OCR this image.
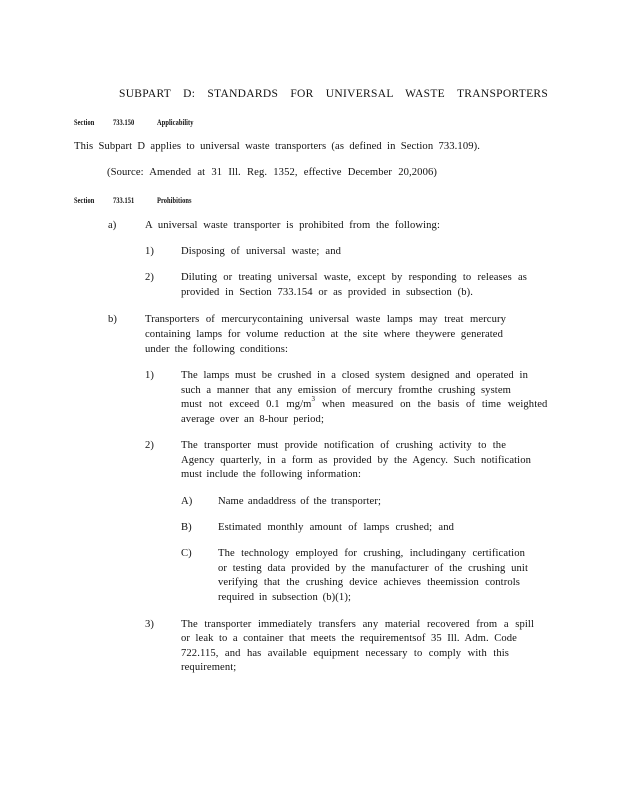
SUBPART D: STANDARDS FOR UNIVERSAL WASTE TRANSPORTERS
Section 733.150	Applicability
This Subpart D applies to universal waste transporters (as defined in Section 733.109).
(Source: Amended at 31 Ill. Reg. 1352, effective December 20,2006)
Section 733.151	Prohibitions
a)	A universal waste transporter is prohibited from the following:
1)	Disposing of universal waste; and
2)	Diluting or treating universal waste, except by responding to releases as
provided in Section 733.154 or as provided in subsection (b).
b)	Transporters of mercurycontaining universal waste lamps may treat mercury
containing lamps for volume reduction at the site where theywere generated
under the following conditions:
1)	The lamps must be crushed in a closed system designed and operated in
such a manner that any emission of mercury fromthe crushing system
must not exceed 0.1 $mg/m^3$ when measured on the basis of time weighted
average over an 8-hour period;
2)	The transporter must provide notification of crushing activity to the
Agency quarterly, in a form as provided by the Agency. Such notification
must include the following information:
A) Name andaddress of the transporter;
B) Estimated monthly amount of lamps crushed; and
C) The technology employed for crushing, includingany certification
or testing data provided by the manufacturer of the crushing unit
verifying that the crushing device achieves theemission controls
required in subsection (b)(1);
3)	The transporter immediately transfers any material recovered from a spill
or leak to a container that meets the requirementsof 35 Ill. Adm. Code
722.115, and has available equipment necessary to comply with this
requirement;
